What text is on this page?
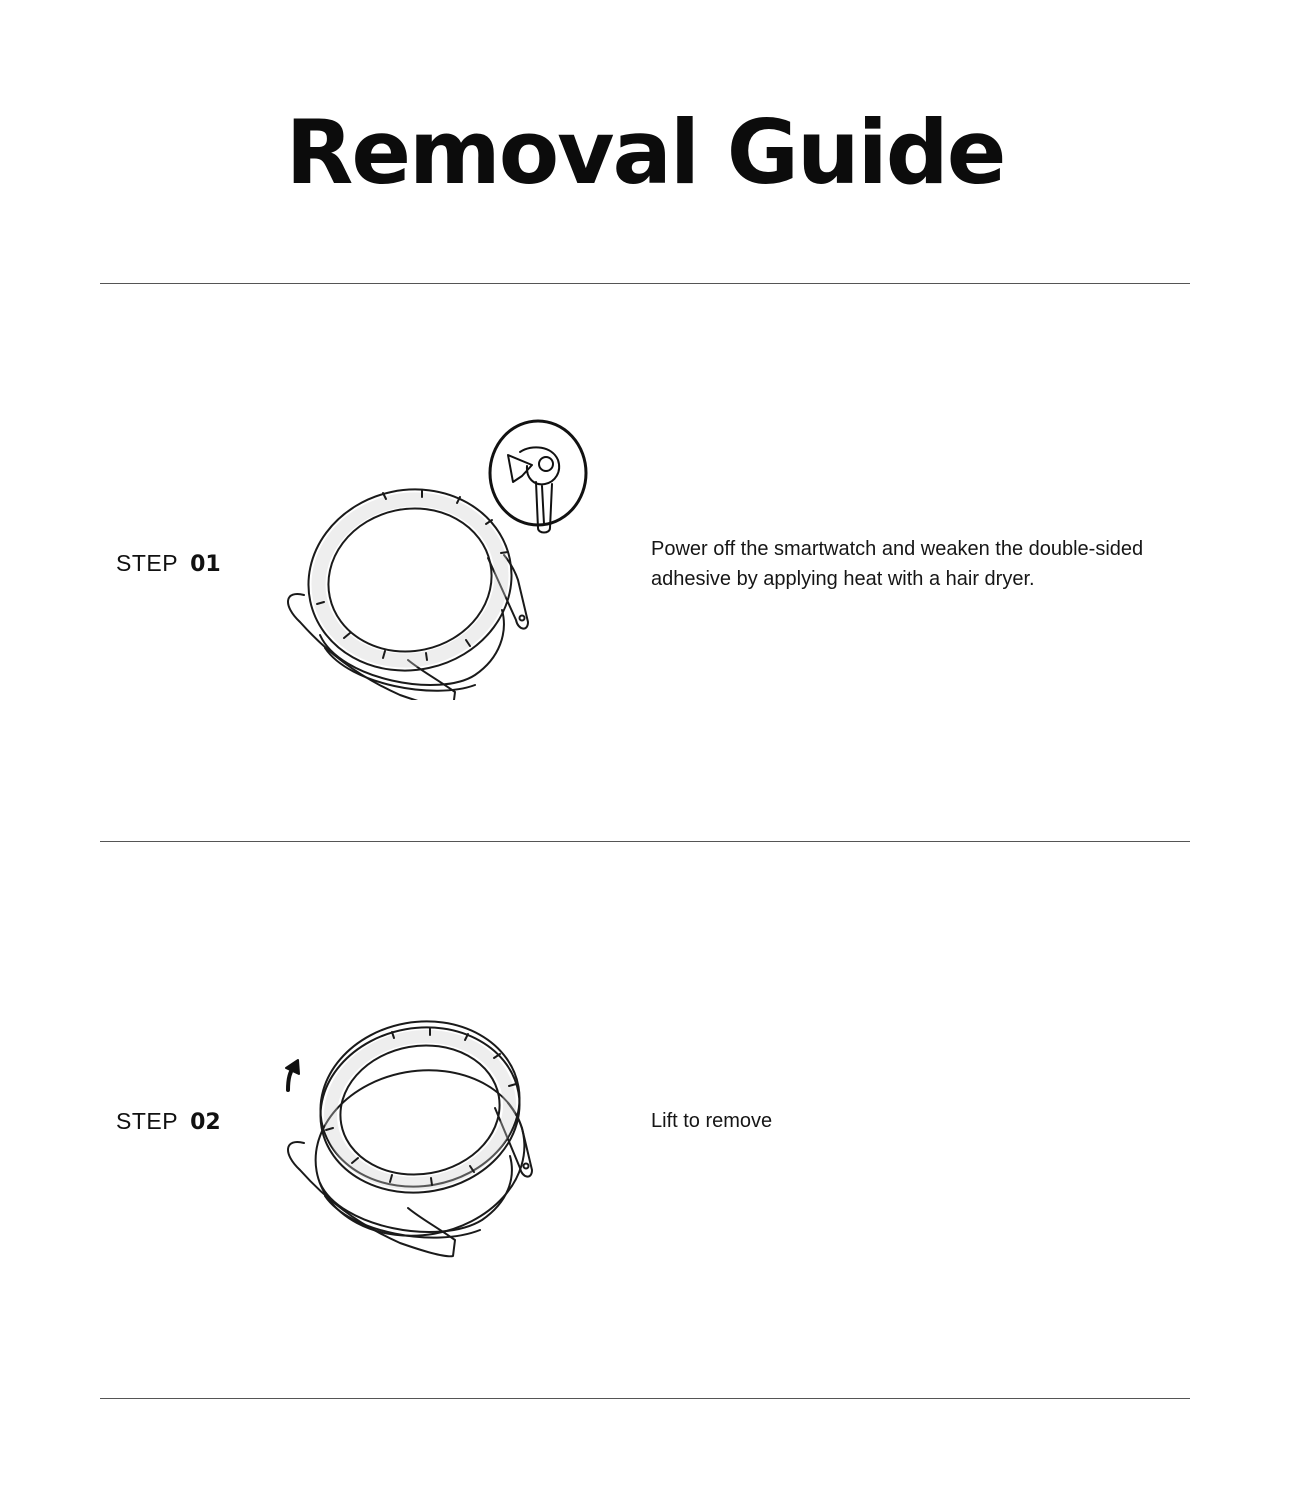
Removal Guide
STEP 01

Power off the smartwatch and weaken the double-sided

adhesive by applying heat with a hair dryer.

STEP 02	Lift to remove
